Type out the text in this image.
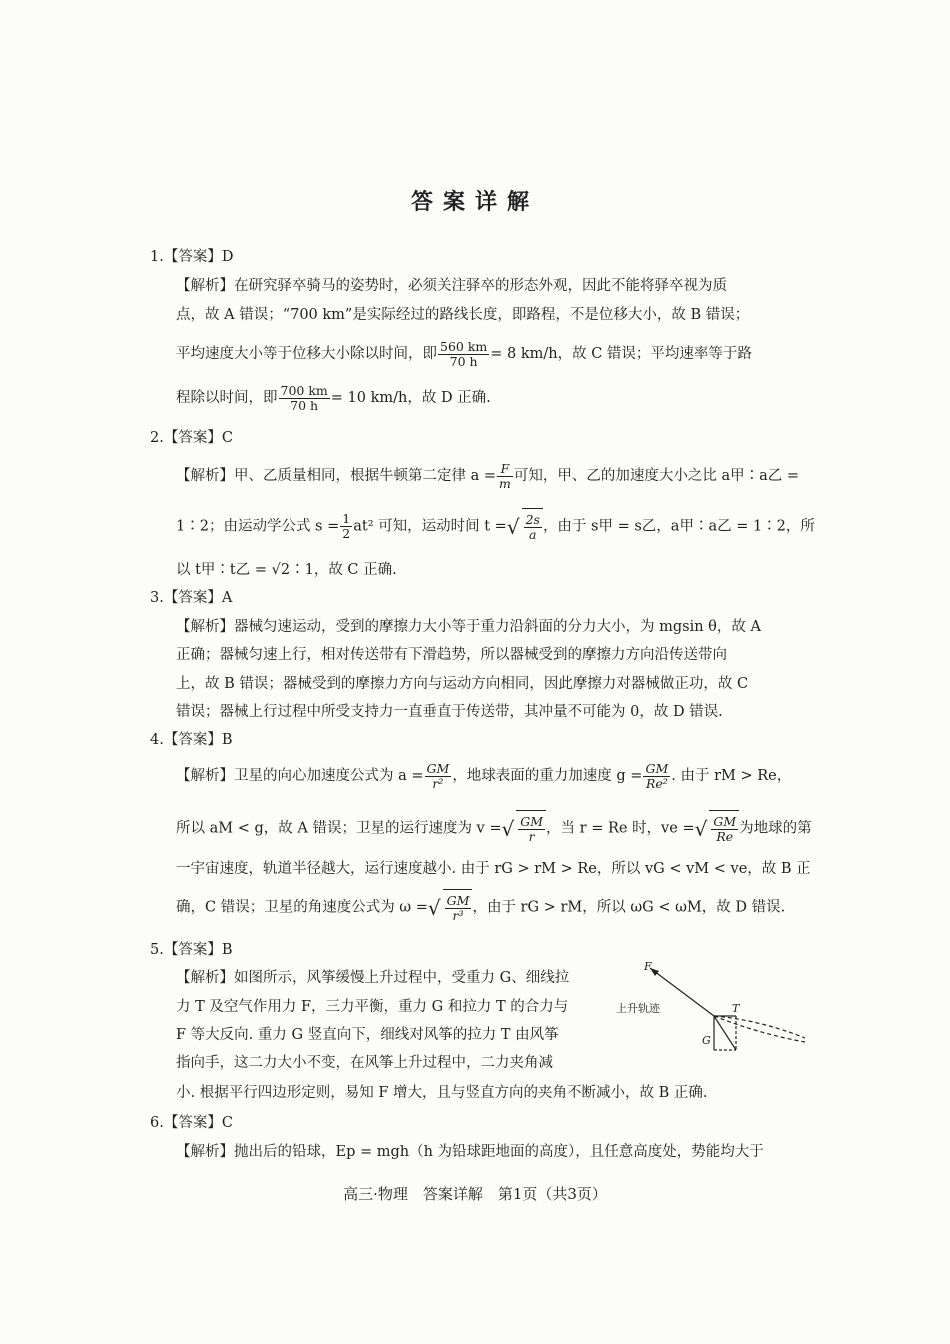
答案详解
1.【答案】D
【解析】在研究驿卒骑马的姿势时，必须关注驿卒的形态外观，因此不能将驿卒视为质
点，故 A 错误；“700 km”是实际经过的路线长度，即路程，不是位移大小，故 B 错误；
平均速度大小等于位移大小除以时间，即 $\frac{560 km}{70 h} = 8$ km/h，故 C 错误；平均速率等于路
程除以时间，即 $\frac{700 km}{70 h} = 10$ km/h，故 D 正确.
2.【答案】C
【解析】甲、乙质量相同，根据牛顿第二定律 $a = \frac{F}{m}$ 可知，甲、乙的加速度大小之比 a甲∶a乙 =
1∶2；由运动学公式 $s = \frac{1}{2} at^2$ 可知，运动时间 t =√ $\frac{2s}{a}$ ，由于 s甲 = s乙，a甲∶a乙 = 1∶2，所
以 t甲∶t乙 = √2∶1，故 C 正确.
3.【答案】A
【解析】器械匀速运动，受到的摩擦力大小等于重力沿斜面的分力大小，为 mgsin θ，故 A
正确；器械匀速上行，相对传送带有下滑趋势，所以器械受到的摩擦力方向沿传送带向
上，故 B 错误；器械受到的摩擦力方向与运动方向相同，因此摩擦力对器械做正功，故 C
错误；器械上行过程中所受支持力一直垂直于传送带，其冲量不可能为 0，故 D 错误.
4.【答案】B
【解析】卫星的向心加速度公式为 $a = \frac{GM}{\text{r²}}$ ，地球表面的重力加速度 $g = \frac{GM}{\text{Re²}}$ . 由于 rM > Re，
所以 aM < g，故 A 错误；卫星的运行速度为 v =√ $\frac{GM}{r}$ ，当 r = Re 时，ve =√ $\frac{GM}{Re}$ 为地球的第
一宇宙速度，轨道半径越大，运行速度越小. 由于 rG > rM > Re，所以 vG < vM < ve，故 B 正
确，C 错误；卫星的角速度公式为 ω =√ $\frac{GM}{\text{r³}}$ ，由于 rG > rM，所以 ωG < ωM，故 D 错误.
5.【答案】B
【解析】如图所示，风筝缓慢上升过程中，受重力 G、细线拉
力 T 及空气作用力 F，三力平衡，重力 G 和拉力 T 的合力与
F 等大反向. 重力 G 竖直向下，细线对风筝的拉力 T 由风筝
指向手，这二力大小不变，在风筝上升过程中，二力夹角减
小. 根据平行四边形定则，易知 F 增大，且与竖直方向的夹角不断减小，故 B 正确.
F
上升轨迹	T
G
6.【答案】C
【解析】抛出后的铅球，Ep = mgh（h 为铅球距地面的高度），且任意高度处，势能均大于
高三·物理　答案详解　第1页（共3页）
